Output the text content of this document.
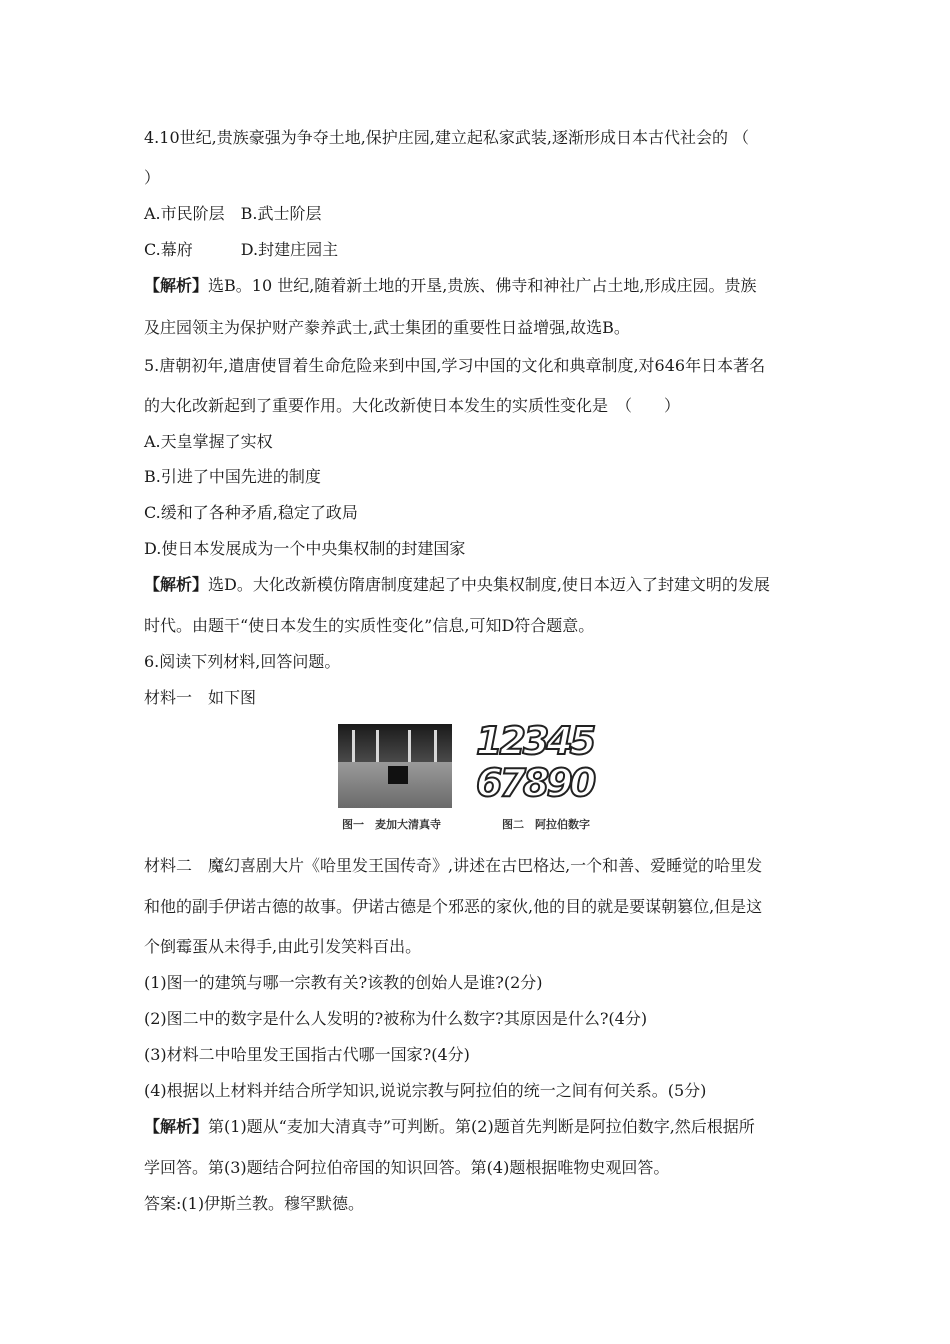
4.10世纪,贵族豪强为争夺土地,保护庄园,建立起私家武装,逐渐形成日本古代社会的 （
）
A.市民阶层　B.武士阶层
C.幕府　　　D.封建庄园主
【解析】选B。10 世纪,随着新土地的开垦,贵族、佛寺和神社广占土地,形成庄园。贵族
及庄园领主为保护财产豢养武士,武士集团的重要性日益增强,故选B。
5.唐朝初年,遣唐使冒着生命危险来到中国,学习中国的文化和典章制度,对646年日本著名
的大化改新起到了重要作用。大化改新使日本发生的实质性变化是　（　　）
A.天皇掌握了实权
B.引进了中国先进的制度
C.缓和了各种矛盾,稳定了政局
D.使日本发展成为一个中央集权制的封建国家
【解析】选D。大化改新模仿隋唐制度建起了中央集权制度,使日本迈入了封建文明的发展
时代。由题干“使日本发生的实质性变化”信息,可知D符合题意。
6.阅读下列材料,回答问题。
材料一　如下图
12345
67890
图一　麦加大清真寺	图二　阿拉伯数字
材料二　魔幻喜剧大片《哈里发王国传奇》,讲述在古巴格达,一个和善、爱睡觉的哈里发
和他的副手伊诺古德的故事。伊诺古德是个邪恶的家伙,他的目的就是要谋朝篡位,但是这
个倒霉蛋从未得手,由此引发笑料百出。
(1)图一的建筑与哪一宗教有关?该教的创始人是谁?(2分)
(2)图二中的数字是什么人发明的?被称为什么数字?其原因是什么?(4分)
(3)材料二中哈里发王国指古代哪一国家?(4分)
(4)根据以上材料并结合所学知识,说说宗教与阿拉伯的统一之间有何关系。(5分)
【解析】第(1)题从“麦加大清真寺”可判断。第(2)题首先判断是阿拉伯数字,然后根据所
学回答。第(3)题结合阿拉伯帝国的知识回答。第(4)题根据唯物史观回答。
答案:(1)伊斯兰教。穆罕默德。
